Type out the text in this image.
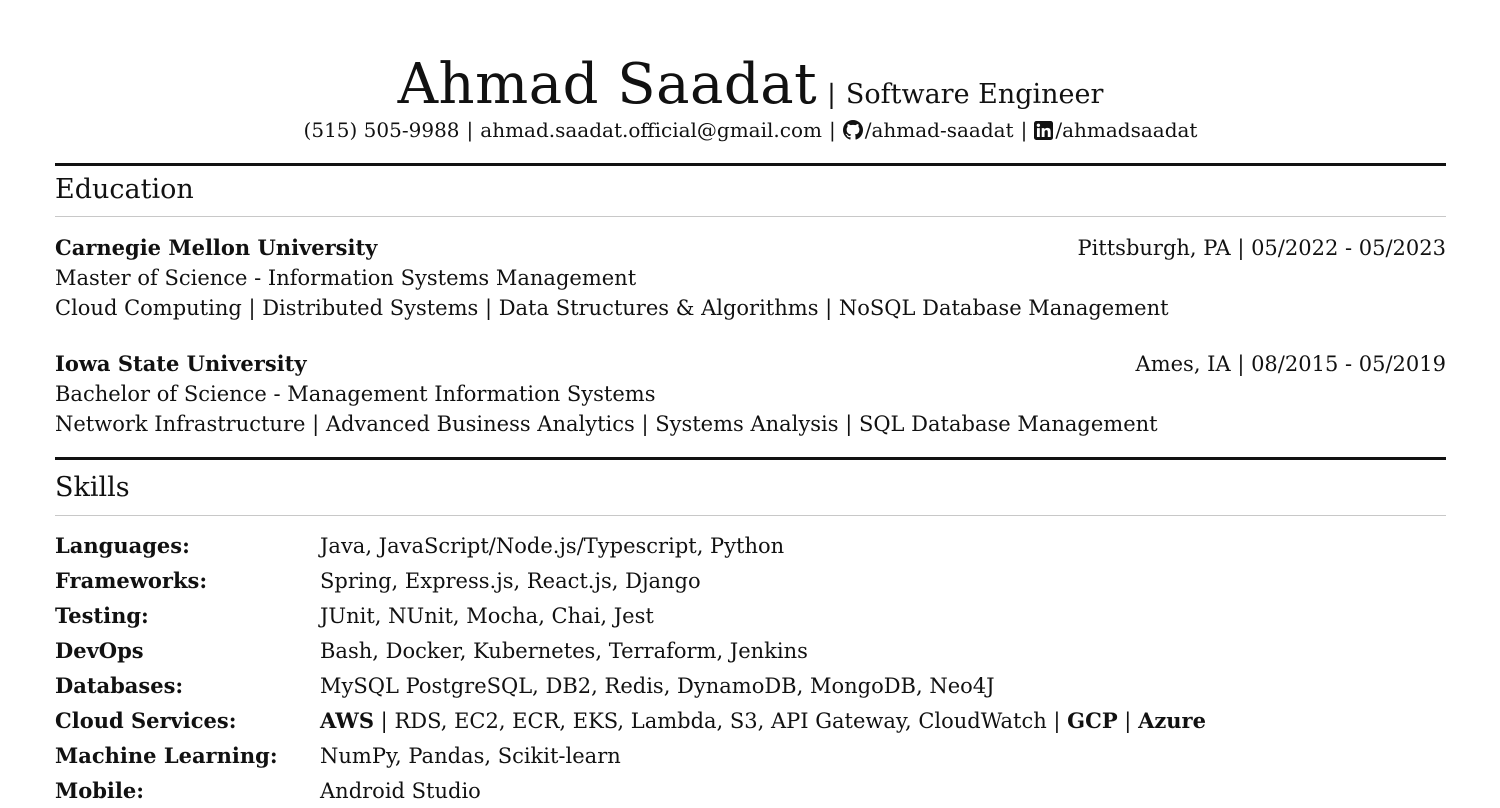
Ahmad Saadat | Software Engineer
(515) 505-9988 | ahmad.saadat.official@gmail.com | /ahmad-saadat | /ahmadsaadat
Education
Carnegie Mellon University	Pittsburgh, PA | 05/2022 - 05/2023
Master of Science - Information Systems Management
Cloud Computing | Distributed Systems | Data Structures & Algorithms | NoSQL Database Management
Iowa State University	Ames, IA | 08/2015 - 05/2019
Bachelor of Science - Management Information Systems
Network Infrastructure | Advanced Business Analytics | Systems Analysis | SQL Database Management
Skills
Languages:	Java, JavaScript/Node.js/Typescript, Python
Frameworks:	Spring, Express.js, React.js, Django
Testing:	JUnit, NUnit, Mocha, Chai, Jest
DevOps	Bash, Docker, Kubernetes, Terraform, Jenkins
Databases:	MySQL PostgreSQL, DB2, Redis, DynamoDB, MongoDB, Neo4J
Cloud Services:	AWS | RDS, EC2, ECR, EKS, Lambda, S3, API Gateway, CloudWatch | GCP | Azure
Machine Learning:	NumPy, Pandas, Scikit-learn
Mobile:	Android Studio
